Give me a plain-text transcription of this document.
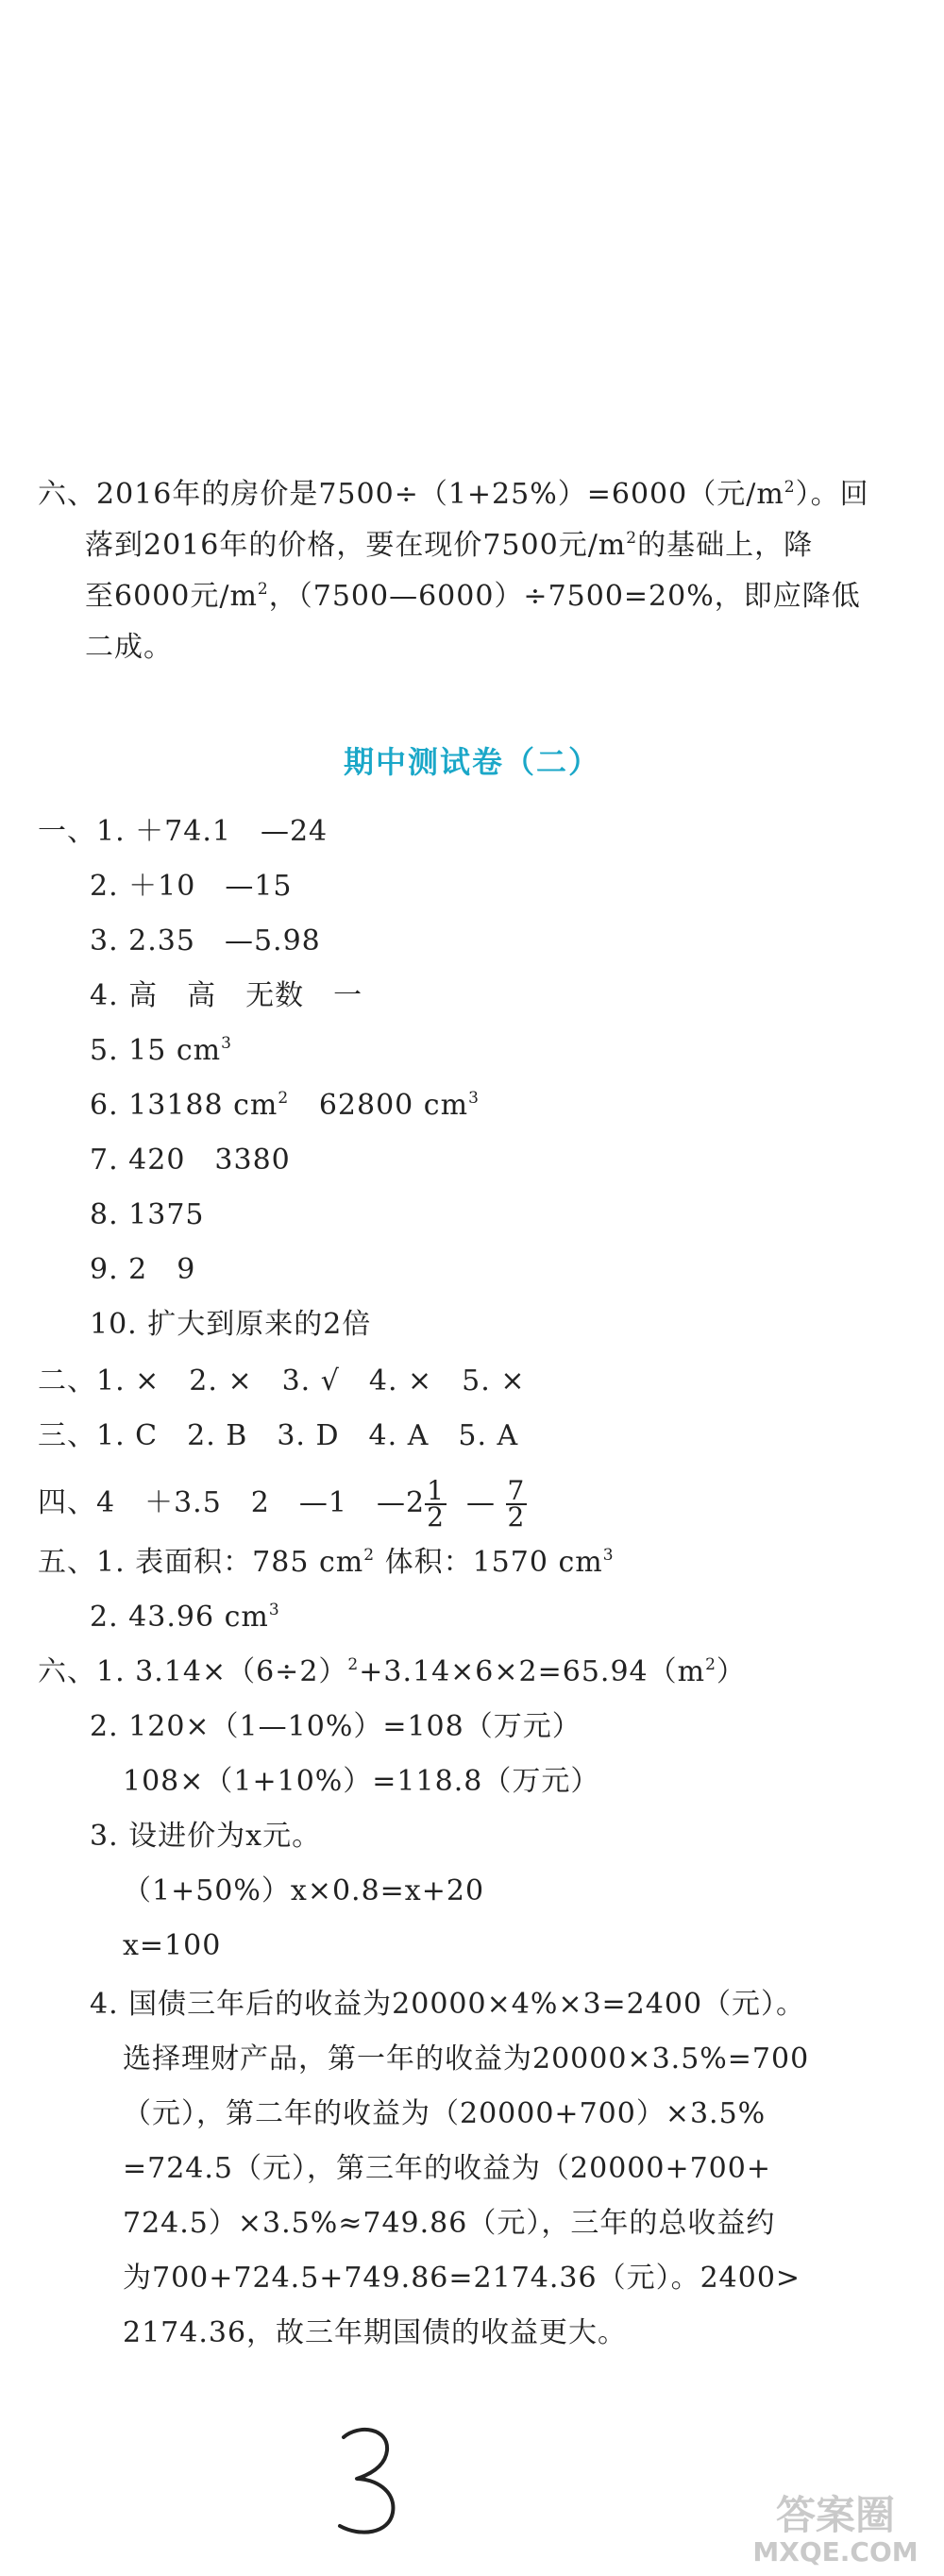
六、2016年的房价是7500÷（1+25%）=6000（元$/m^2$）。回
落到2016年的价格，要在现价7500元$/m^2$的基础上，降
至6000元$/m^2$，（7500—6000）÷7500=20%，即应降低
二成。
期中测试卷（二）
一、1. ＋74.1　—24
2. ＋10　—15
3. 2.35　—5.98
4. 高　高　无数　一
5. 15 $cm^3$
6. 13188 $cm^2$ 62800 $cm^3$
7. 420　3380
8. 1375
9. 2　9
10. 扩大到原来的2倍
二、1. ×　2. ×　3. √　4. ×　5. ×
三、1. C　2. B　3. D　4. A　5. A
四、4　＋3.5　2　—1　—2 $\frac{1}{2}$ — $\frac{7}{2}$
五、1. 表面积：785 $cm^2$ 体积：1570 $cm^3$
2. 43.96 $cm^3$
六、1. $3.14\times(6\div 2)^2+3.14\times 6\times 2=65.94(m^2)$
2. 120×（1—10%）=108（万元）
108×（1+10%）=118.8（万元）
3. 设进价为x元。
（1+50%）x×0.8=x+20
x=100
4. 国债三年后的收益为20000×4%×3=2400（元）。
选择理财产品，第一年的收益为20000×3.5%=700
（元），第二年的收益为（20000+700）×3.5%
=724.5（元），第三年的收益为（20000+700+
724.5）×3.5%≈749.86（元），三年的总收益约
为700+724.5+749.86=2174.36（元）。2400>
2174.36，故三年期国债的收益更大。
答案圈
MXQE.COM
